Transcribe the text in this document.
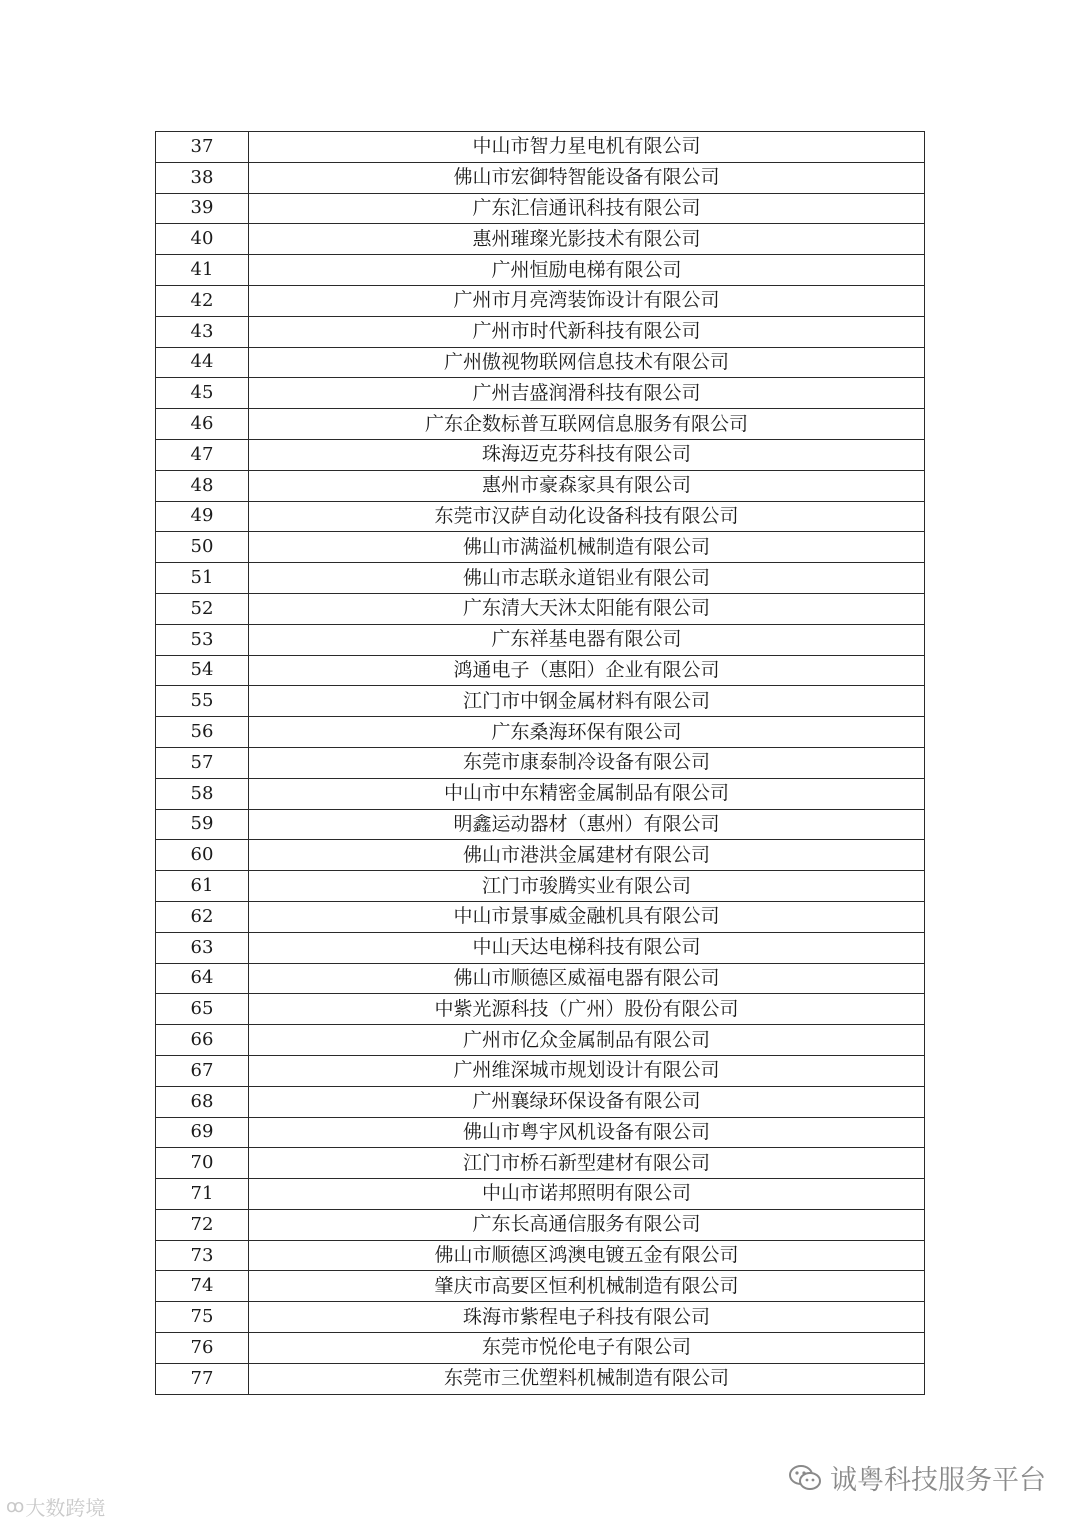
37	中山市智力星电机有限公司
38	佛山市宏御特智能设备有限公司
39	广东汇信通讯科技有限公司
40	惠州璀璨光影技术有限公司
41	广州恒励电梯有限公司
42	广州市月亮湾装饰设计有限公司
43	广州市时代新科技有限公司
44	广州傲视物联网信息技术有限公司
45	广州吉盛润滑科技有限公司
46	广东企数标普互联网信息服务有限公司
47	珠海迈克芬科技有限公司
48	惠州市豪森家具有限公司
49	东莞市汉萨自动化设备科技有限公司
50	佛山市满溢机械制造有限公司
51	佛山市志联永道铝业有限公司
52	广东清大天沐太阳能有限公司
53	广东祥基电器有限公司
54	鸿通电子（惠阳）企业有限公司
55	江门市中钢金属材料有限公司
56	广东桑海环保有限公司
57	东莞市康泰制冷设备有限公司
58	中山市中东精密金属制品有限公司
59	明鑫运动器材（惠州）有限公司
60	佛山市港洪金属建材有限公司
61	江门市骏腾实业有限公司
62	中山市景事威金融机具有限公司
63	中山天达电梯科技有限公司
64	佛山市顺德区威福电器有限公司
65	中紫光源科技（广州）股份有限公司
66	广州市亿众金属制品有限公司
67	广州维深城市规划设计有限公司
68	广州襄绿环保设备有限公司
69	佛山市粤宇风机设备有限公司
70	江门市桥石新型建材有限公司
71	中山市诺邦照明有限公司
72	广东长高通信服务有限公司
73	佛山市顺德区鸿澳电镀五金有限公司
74	肇庆市高要区恒利机械制造有限公司
75	珠海市紫程电子科技有限公司
76	东莞市悦伦电子有限公司
77	东莞市三优塑料机械制造有限公司
ꝏ 大数跨境
诚粤科技服务平台
